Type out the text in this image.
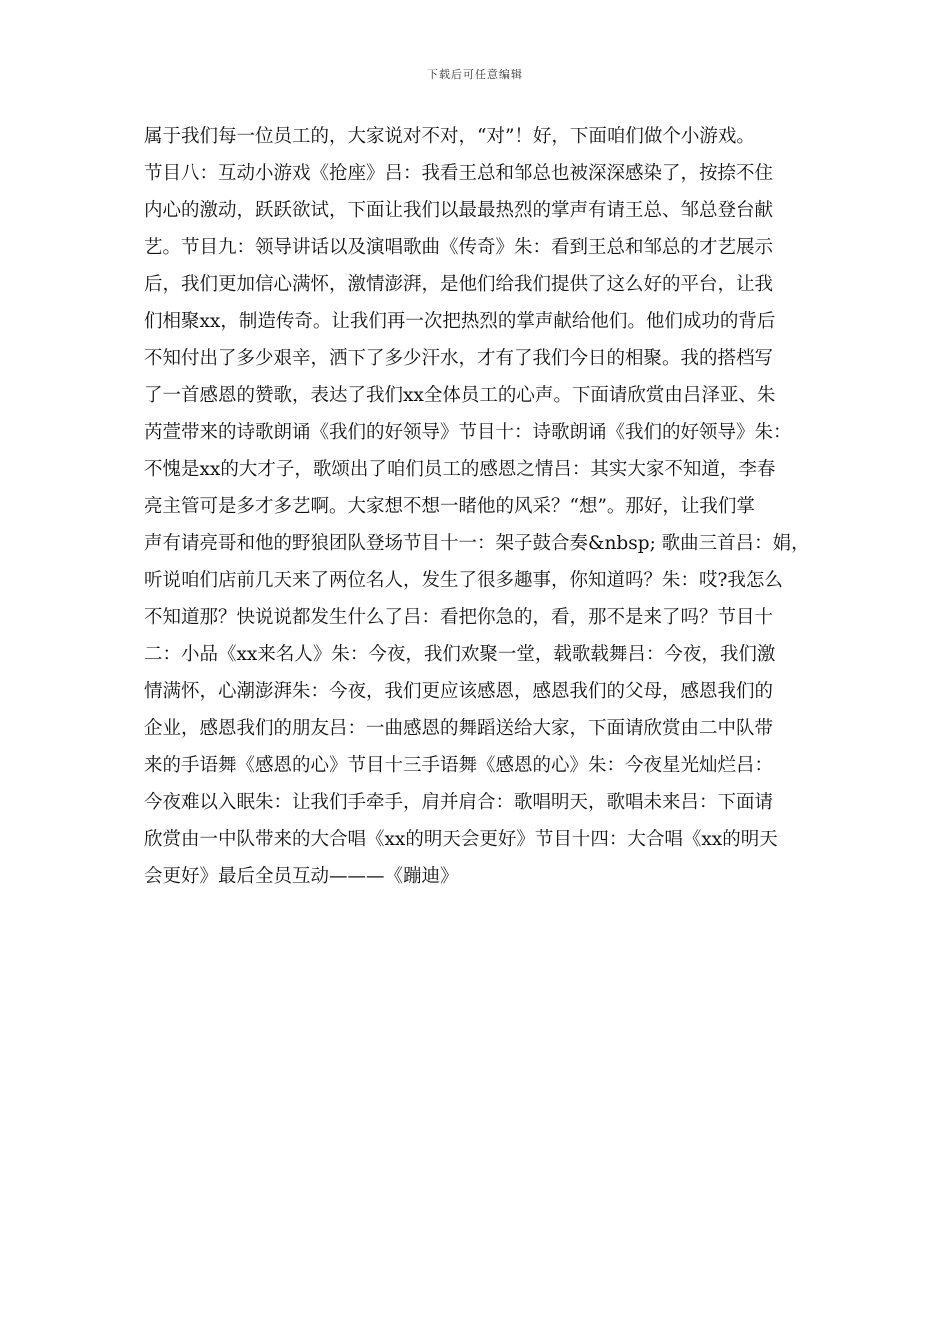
下载后可任意编辑
属于我们每一位员工的，大家说对不对，“对”！好，下面咱们做个小游戏。
节目八：互动小游戏《抢座》吕：我看王总和邹总也被深深感染了，按捺不住
内心的激动，跃跃欲试，下面让我们以最最热烈的掌声有请王总、邹总登台献
艺。节目九：领导讲话以及演唱歌曲《传奇》朱：看到王总和邹总的才艺展示
后，我们更加信心满怀，激情澎湃，是他们给我们提供了这么好的平台，让我
们相聚xx，制造传奇。让我们再一次把热烈的掌声献给他们。他们成功的背后
不知付出了多少艰辛，洒下了多少汗水，才有了我们今日的相聚。我的搭档写
了一首感恩的赞歌，表达了我们xx全体员工的心声。下面请欣赏由吕泽亚、朱
芮萱带来的诗歌朗诵《我们的好领导》节目十：诗歌朗诵《我们的好领导》朱：
不愧是xx的大才子，歌颂出了咱们员工的感恩之情吕：其实大家不知道，李春
亮主管可是多才多艺啊。大家想不想一睹他的风采？“想”。那好，让我们掌
声有请亮哥和他的野狼团队登场节目十一：架子鼓合奏&nbsp; 歌曲三首吕：娟，
听说咱们店前几天来了两位名人，发生了很多趣事，你知道吗？朱：哎?我怎么
不知道那？快说说都发生什么了吕：看把你急的，看，那不是来了吗？节目十
二：小品《xx来名人》朱：今夜，我们欢聚一堂，载歌载舞吕：今夜，我们激
情满怀，心潮澎湃朱：今夜，我们更应该感恩，感恩我们的父母，感恩我们的
企业，感恩我们的朋友吕：一曲感恩的舞蹈送给大家，下面请欣赏由二中队带
来的手语舞《感恩的心》节目十三手语舞《感恩的心》朱：今夜星光灿烂吕：
今夜难以入眠朱：让我们手牵手，肩并肩合：歌唱明天，歌唱未来吕：下面请
欣赏由一中队带来的大合唱《xx的明天会更好》节目十四：大合唱《xx的明天
会更好》最后全员互动———《蹦迪》
